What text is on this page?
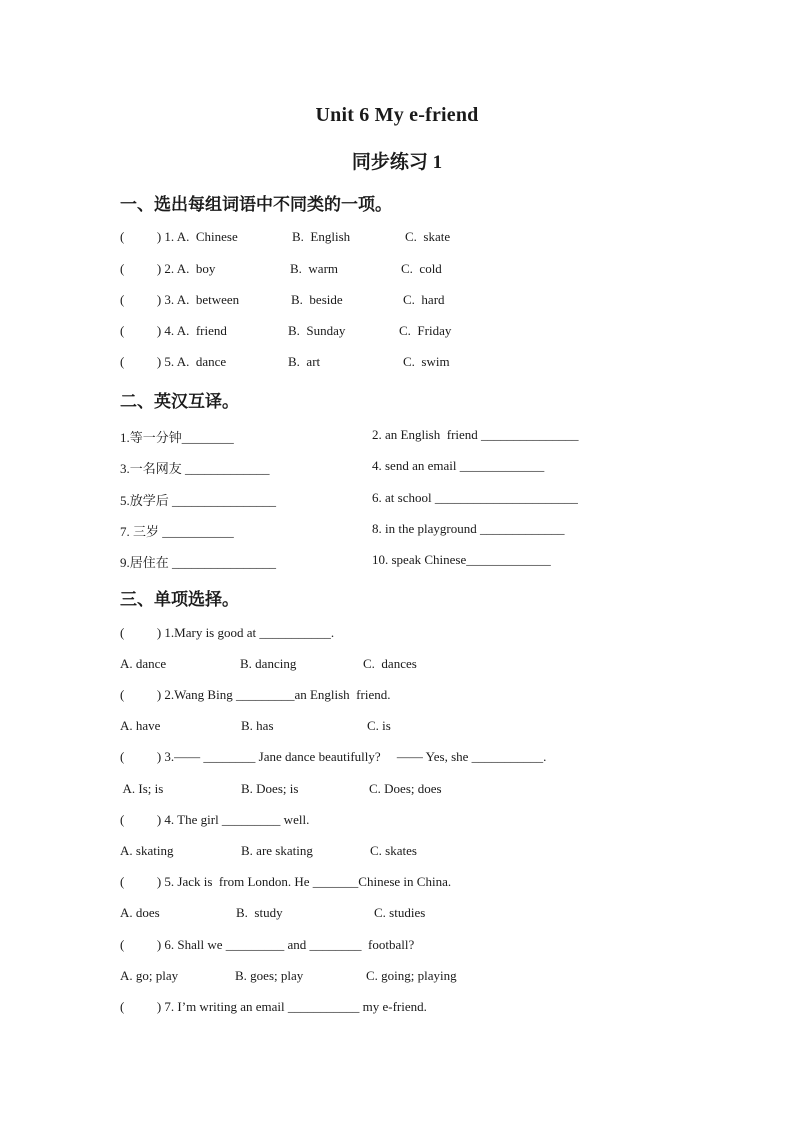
Unit 6 My e-friend
同步练习 1
一、选出每组词语中不同类的一项。
(          ) 1. A.  Chinese	B.  English	C.  skate
(          ) 2. A.  boy	B.  warm	C.  cold
(          ) 3. A.  between	B.  beside	C.  hard
(          ) 4. A.  friend	B.  Sunday	C.  Friday
(          ) 5. A.  dance	B.  art	C.  swim
二、英汉互译。
1.等一分钟________	2. an English  friend _______________
3.一名网友 _____________	4. send an email _____________
5.放学后 ________________	6. at school ______________________
7. 三岁 ___________	8. in the playground _____________
9.居住在 ________________	10. speak Chinese_____________
三、单项选择。
(          ) 1.Mary is good at ___________.
A. dance	B. dancing	C.  dances
(          ) 2.Wang Bing _________an English  friend.
A. have	B. has	C. is
(          ) 3.—— ________ Jane dance beautifully?     —— Yes, she ___________.
A. Is; is	B. Does; is	C. Does; does
(          ) 4. The girl _________ well.
A. skating	B. are skating	C. skates
(          ) 5. Jack is  from London. He _______Chinese in China.
A. does	B.  study	C. studies
(          ) 6. Shall we _________ and ________  football?
A. go; play	B. goes; play	C. going; playing
(          ) 7. I’m writing an email ___________ my e-friend.
